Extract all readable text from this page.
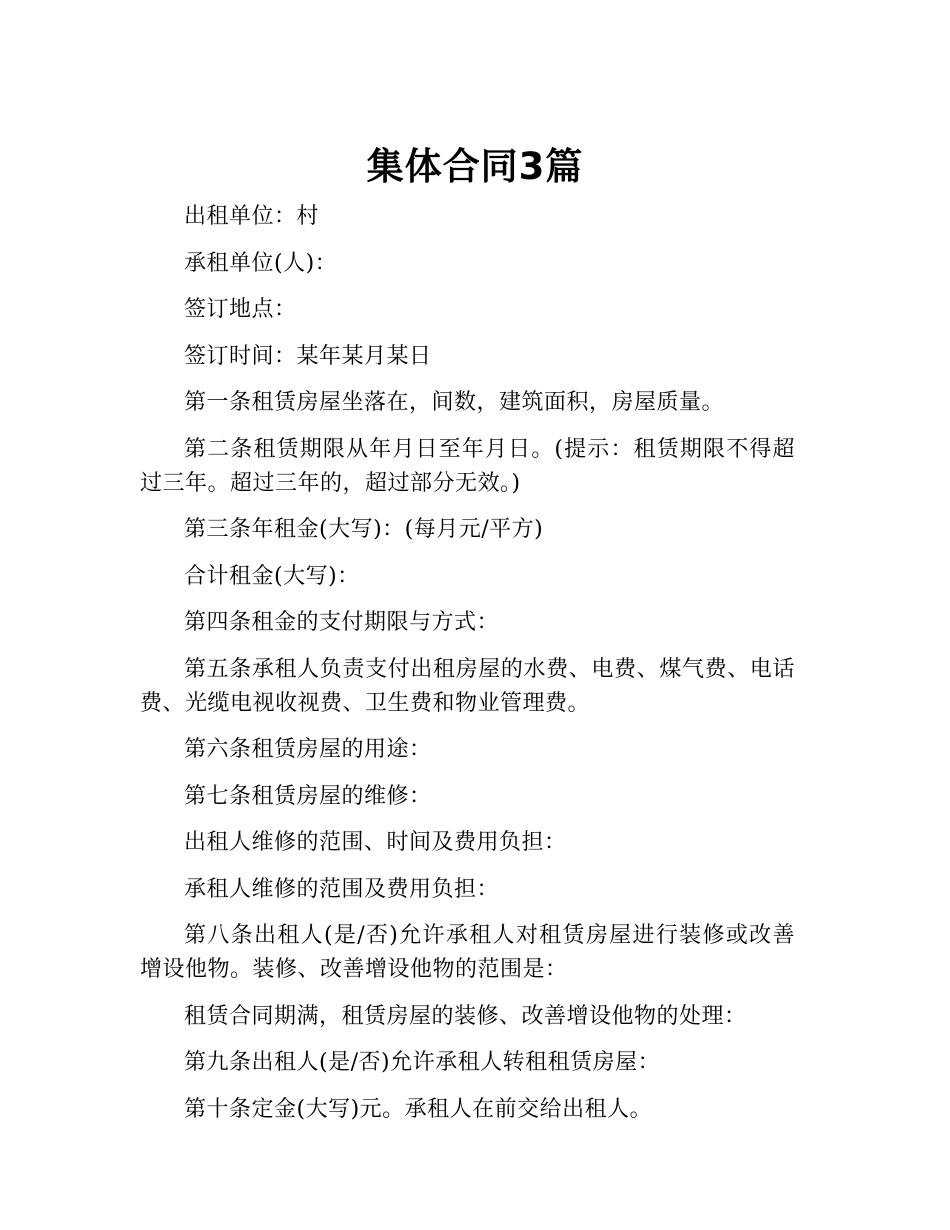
集体合同3篇

出租单位：村

承租单位(人)：

签订地点：

签订时间：某年某月某日

第一条租赁房屋坐落在，间数，建筑面积，房屋质量。

第二条租赁期限从年月日至年月日。(提示：租赁期限不得超过三年。超过三年的，超过部分无效。)

第三条年租金(大写)：(每月元/平方)

合计租金(大写)：

第四条租金的支付期限与方式：

第五条承租人负责支付出租房屋的水费、电费、煤气费、电话费、光缆电视收视费、卫生费和物业管理费。

第六条租赁房屋的用途：

第七条租赁房屋的维修：

出租人维修的范围、时间及费用负担：

承租人维修的范围及费用负担：

第八条出租人(是/否)允许承租人对租赁房屋进行装修或改善增设他物。装修、改善增设他物的范围是：

租赁合同期满，租赁房屋的装修、改善增设他物的处理：

第九条出租人(是/否)允许承租人转租租赁房屋：

第十条定金(大写)元。承租人在前交给出租人。
